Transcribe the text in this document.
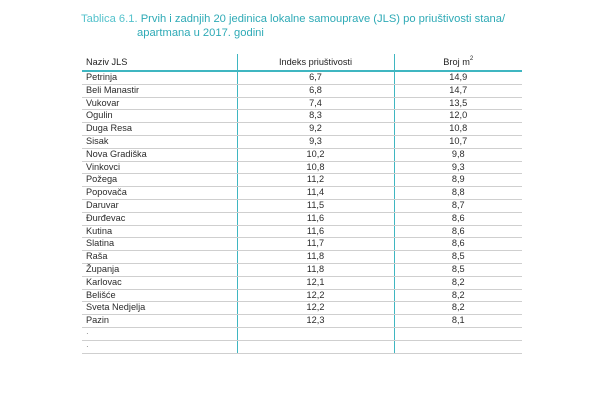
Tablica 6.1. Prvih i zadnjih 20 jedinica lokalne samouprave (JLS) po priuštivosti stana/
apartmana u 2017. godini
Naziv JLS	Indeks priuštivosti	Broj $m^2$
Petrinja	6,7	14,9
Beli Manastir	6,8	14,7
Vukovar	7,4	13,5
Ogulin	8,3	12,0
Duga Resa	9,2	10,8
Sisak	9,3	10,7
Nova Gradiška	10,2	9,8
Vinkovci	10,8	9,3
Požega	11,2	8,9
Popovača	11,4	8,8
Daruvar	11,5	8,7
Đurđevac	11,6	8,6
Kutina	11,6	8,6
Slatina	11,7	8,6
Raša	11,8	8,5
Županja	11,8	8,5
Karlovac	12,1	8,2
Belišće	12,2	8,2
Sveta Nedjelja	12,2	8,2
Pazin	12,3	8,1
·		
·		
